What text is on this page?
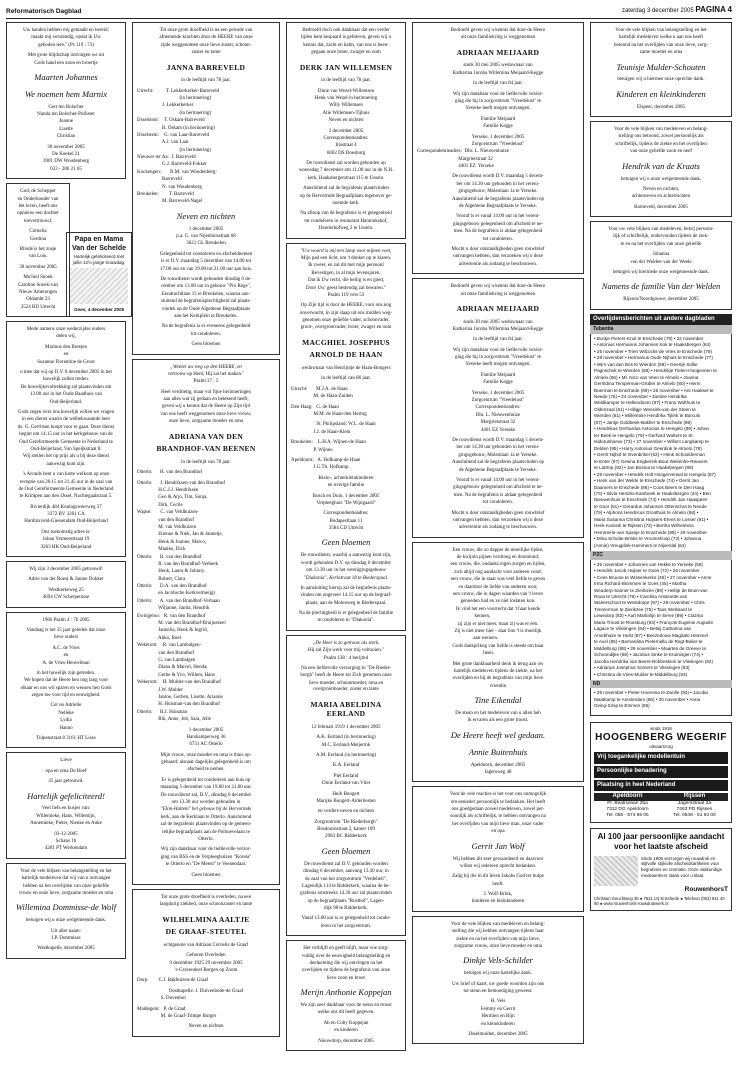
Reformatorisch Dagblad	zaterdag 3 december 2005 PAGINA 4

Uw handen hebben mij gemaakt en bereid;

maakt mij verstandig, opdat ik Uw

geboden lere." (Ps 119 : 73)

Met grote blijdschap ontvingen we uit

Gods hand een zoon en broertje

Maarten Johannes

We noemen hem Marnix

Gert ten Bolscher

Nanda ten Bolscher-Pollister

Joanne

Lisette

Christian

30 november 2005

De Koekel 21

3901 DW Woudenberg

033 - 286 21 65

God, de Schepper

en Onderhouder van

het leven, heeft ons

opnieuw een dochter

toevertrouwd.

Cornelia

Gerdina

Rhodé is het zusje

van Lois.

30 november 2005

Michiel Snoek

Caroline Snoek-van

Nieuw Amerongen

Oldambt 23

3524 BD Utrecht

Mede namens onze wederzijdse ouders

delen wij,

Marinus den Breejen

en

Suzanne Florentine de Groot

u mee dat wij op D.V. 8 december 2005 in het

huwelijk zullen treden.

De huwelijksvoltrekking zal plaatsvinden om

13.00 uur in het Oude Raadhuis van

Oud-Beijerland.

Gods zegen over ons huwelijk willen we vragen

in een dienst waarin de welbekwaamde heer

ds. G. Gerritsen hoopt voor te gaan. Deze dienst

begint om 14.15 uur in het kerkgebouw van de

Oud Gereformeerde Gemeente in Nederland te

Oud-Beijerland, Van Speijkstraat 8.

Wij stellen het op prijs als u bij deze dienst

aanwezig kunt zijn.

's Avonds bent u van harte welkom op onze

receptie van 20.15 tot 21.45 uur in de zaal van

de Oud Gereformeerde Gemeente in Nederland

te Krimpen aan den IJssel, Nachtegaalstraat 5.

Rivierdijk 484 Koningsweerweg 37

3372 BV 3261 CA

Hardinxveld-Giessendam Oud-Beijerland

Ons toekomstig adres is:

Johan Vermeerstraat 19

3263 HK Oud-Beijerland

Wij zijn 3 december 2005 getrouwd!

Adrie van der Roest & Janine Dokker

Westkerkeweg 25

4694 CW Scherpenisse

1966 Psalm 4 : 7b 2005

Vandaag is het 35 jaar geleden dat onze

lieve ouders

A.C. de Vries

en

A. de Vries-Heuvelman

in het huwelijk zijn getreden.

We hopen dat de Heere hen nog lang voor

elkaar en ons wil sparen en wensen hen Gods

zegen toe voor tijd en eeuwigheid.

Cor en Adrielle

Nelleke

Lydia

Hanno

Tulpenstraat 8 3161 HT Lisse

Lieve

opa en oma De Boef

35 jaar getrouwd.

Hartelijk gefeliciteerd!

Veel liefs en kusjes van:

Willemieke, Hans, Willemijn,

Annemieke, Pieter, Nienke en Auke

03-12-2005

Schans 1b

4281 PT Werkendam

Voor de vele blijken van belangstelling en het

hartelijk medeleven dat wij van u ontvangen

hebben na het overlijden van onze geliefde

vrouw en onze lieve, zorgzame moeder en oma

Willemina Dommisse-de Wolf

betuigen wij u onze welgemeende dank.

Uit aller naam:

J.P. Dommisse

Westkapelle, december 2005

Tot onze grote droefheid is na een periode van

afnemende krachten door de HEERE van onze

zijde weggenomen onze lieve zuster, schoon-

zuster en tante

JANNA BARREVELD

in de leeftijd van 78 jaar.

Utrecht:          T. Lekkerkerker-Barreveld

(in herinnering)

J. Lekkerkerker

(in herinnering)

IJsselstein:    T. Oskam-Barreveld

B. Oskam (in herinnering)

IJsselstein:    G. van Laar-Barreveld

A.J. van Laar

(in herinnering)

Nieuwer ter Aa:  J. Barreveld

G.J. Barreveld-Fokker

Kockengen:       N.M. van Woudenberg-

Barreveld

N. van Woudenberg

Breukelen:        T. Barreveld

M. Barreveld-Nagel

Neven en nichten

1 december 2005

p.a. G. van Nijenhuisstraat 68

3621 GL Breukelen

Gelegenheid tot condoleren en afscheidnemen

is er D.V. maandag 5 december van 14.00 tot

17.00 uur en van 19.00 tot 21.00 uur aan huis.

De rouwdienst wordt gehouden dinsdag 6 de-

cember om 13.00 uur in gebouw "Pro Rege",

Eendrachtlaan 15 te Breukelen, waarna aan-

sluitend de begrafenisplechtigheid zal plaats-

vinden op de Oude Algemene Begraafplaats

aan het Kerkplein te Breukelen.

Na de begrafenis is er eveneens gelegenheid

tot condoleren.

Geen bloemen

„Wentel uw weg op den HEERE, en

vertrouw op Hem; Hij zal het maken."

Psalm 37 : 5

Heel verdrietig, maar vol fijne herinneringen

aan alles wat zij gedaan en betekend heeft,

geven wij u kennis dat de Heere op Zijn tijd

van ons heeft weggenomen onze lieve vrouw,

onze lieve, zorgzame moeder en oma

ADRIANA VAN DEN

BRANDHOF-VAN BEENEN

in de leeftijd van 78 jaar.

Otterlo:      H. van den Brandhof

Otterlo:      J. Hendriksen-van den Brandhof

H.C.J.J. Hendriksen

Geo & Arjo, Tim, Sonja,

Dirk, Cecile

Wapse:       C. van Veldhuizen-

van den Brandhof

M. van Veldhuizen

Etienne & Niek, Jan & Jannetje,

Henk & Joanne, Marco,

Maaike, Dick

Otterlo:      R. van den Brandhof

R. van den Brandhof-Verbeek

Henk, Laura & Johnny,

Robert, Clara

Otterlo:      D.A. van den Brandhof

en Jacobsche Kerkvermeijgi

Otterlo:      A. van den Brandhof-Verbaan

Wiljanne, Janita, Hendrik

Ewingeloo:   R. van den Brandhof

M. van den Brandhof-Bruijnezeel

Jannelia, Henk & Ingrid,

Abko, Roel

Wekerom:    R. van Lambalgen-

van den Brandhof

G. van Lambalgen

Diana & Marcel, Henda,

Gerbe & Yvo, Willem, Hans

Wekerom:    H. Mulder-van den Brandhof

J.W. Mulder

Janine, Gerben, Lisette, Arianne

H. Huisman-van den Brandhof

Otterlo:      B.J. Huisman

Rik, Anne, Job, Sara, Jelle

1 december 2005

Harskamperweg 36

6731 AC Otterlo

Mijn vrouw, onze moeder en oma is thuis op-

gebaard; alsnaar dagelijks gelegenheid is om

afscheid te nemen.

Er is gelegenheid tot condoleren aan huis op

maandag 5 december van 19.00 tot 21.00 uur.

De rouwdienst zal, D.V., dinsdag 6 december

om 13.30 uur worden gehouden in

"Elim-Hattem" het gebouw bij de Hervormde

kerk, aan de Kerklaan te Otterlo. Aansluitend

zal de begrafenis plaatsvinden op de gemeen-

telijke begraafplaats aan de Polhoevelaan te

Otterlo.

Wij zijn dankbaar voor de liefdevolle verzor-

ging van BSS en de Verpleeghuizen "Koreia"

te Otterlo en "De Meent" te Veenendaal.

Geen bloemen

Tot onze grote droefheid is overleden, na een

langdurig ziekbed, onze schoonzuster en tante

WILHELMINA AALTJE

DE GRAAF-STEUTEL

echtgenote van Adriaan Cornelis de Graaf

Geboren Overleden

9 december 1925 29 november 2005

's-Gravendeel Borgen op Zoom

Dorp:        C.J. Bakhuizen-de Graaf

Oostkapelle: J. Duivenbode-de Graaf

S. Duvenbol

Maldegem:   P. de Graaf

M. de Graaf-Trimpe Burger

Neven en nichten

Bedroefd doch ook dankbaar dat een verder

lijden hem bespaard is gebleven, geven wij u

kennis dat, zacht en kalm, van ons is heen-

gegaan onze broer, zwager en oom

DERK JAN WILLEMSEN

in de leeftijd van 78 jaar.

Dinie van Wezel-Willemsen

Henk van Wezel in herinnering

Willy Willemsen

Alie Willemsen-Tijhuis

Neven en nichten

2 december 2005

Correspondentieadres:

Irisstraat 4

6602 DS Doesburg

De rouwdienst zal worden gehouden op

woensdag 7 december om 11.00 uur in de N.H.

kerk, Haaksbergerstraat 115 te Usselo.

Aansluitend zal de begrafenis plaatsvinden

op de Hervormde Begraafplaats tegenover ge-

noemde kerk.

Na afloop van de begrafenis is er gelegenheid

tot condoleren in restaurant Hanninkshof,

IJsselerhofweg 2 te Usselo.

"Uw woord is mij een lamp voor mijnen voet,

Mijn pad een licht, om 't donker op te klaren.

Ik zweer, en zal dit met mijn persoonl

Bevestigen, in al mijn levensjaren,

Dat ik Uw recht, die heilig is en goed,

Door Uw' geest bestendig zal bewaren."

Psalm 119 vers 53

Op Zijn tijd is door de HEERE, voor ons nog

onverwacht, in zijn slaap uit ons midden weg-

genomen onze geliefde vader, schoonvader,

groot-, overgrootvader, broer, zwager en oom

MACGHIEL JOSEPHUS

ARNOLD DE HAAN

weduwnaar van Henrijntje de Haan-Bongers

in de leeftijd van 86 jaar.

Utrecht:       M.J.A. de Haan

M. de Haan-Zuiden

Den Haag:   G. de Haan

M.M. de Haan-den Hertog

St. Philipsland: W.L. de Haan

J.J. de Haan-Klein

Breukelen:    L.H.A. Wijnen-de Haan

P. Wijnen

Apeldoorn:   A. Hofkamp-de Haan

J.G.Th. Hofkamp

Klein-, achterkleinkinderen

en overige familie

Bosch en Duin, 1 december 2005

Verpleeghuis "De Wijngaard"

Correspondentieadres:

Budapestlaan 11

3584 CD Utrecht

Geen bloemen

De rouwdienst, waarbij u aanwezig kunt zijn,

wordt gehouden D.V. op dinsdag 6 december

om 13.30 uur in het verenigingsgebouw

"Diakonia", Kerkstraat 18 te Biederspaal.

In aansluiting hierop zal de begrafenis plaats-

vinden om ongeveer 14.15 uur op de begraaf-

plaats, aan de Molenweg te Biederspaal.

Na de plechtigheid is er gelegenheid de familie

te condoleren in "Diakonia".

„De Heer is zo getrouw als sterk,

Hij zal Zijn werk voor mij voltooien."

Psalm 138 : 4 berijmd

Na een liefdevolle verzorging in "De Rieder-

borgh" heeft de Heere tot Zich genomen onze

lieve moeder, schoonmoeder, oma en overgrootmoeder, zuster en tante

MARIA ABELDINA EERLAND

12 februari 1919 1 december 2005

A.K. Eerland (in herinnering)

M.C. Eerland-Meijerink

A.M. Eerland (in herinnering)

K.A. Eerland

Piet Eerland

Dinie Eerland-van Vliet

Huib Boogert

Marijke Boogert-Alderliesten

en verdere neven en nichten

Zorgcentrum "De Riederborgh"

Bosdoornstraat 2, kamer 109

2983 BC Ridderkerk

Geen bloemen

De rouwdienst zal D.V. gehouden worden

dinsdag 6 december, aanvang 13.30 uur, in

de zaal van het zorgcentrum "Verdeheil",

Lagendijk 114 te Ridderkerk, waarna de be-

grafenis omstreeks 14.30 uur zal plaatsvinden

op de begraafplaats "Rusthof", Lagen-

dijk 98 te Ridderkerk.

Vanaf 13.00 uur is er gelegenheid tot condo-

leren in het zorgcentrum.

Het verblijft en geeft blijft, maar wie zorg-

vuldig over de eeuwigheid belangstelling en

deelneming die wij ontvingen na het

overlijden en tijdens de begrafenis van onze

lieve zoon en broer

Merijn Anthonie Koppejan

We zijn zeer dankbaar voor de steun en troost

welke ons dit heeft gegeven.

Ab en Coby Koppejan

en kinderen

Nieuwdorp, december 2005

Bedroefd geven wij u kennis dat door de Heere

uit onze familiekring is weggenomen

ADRIAAN MEIJAARD

sinds 30 mei 2005 weduwnaar van

Katharina Jacoba Willemina Meijaard-Kegge

in de leeftijd van 84 jaar.

Wij zijn dankbaar voor de liefdevolle verzor-

ging die hij in zorgcentrum "Vreedelust" te

Yerseke heeft mogen ontvangen.

Familie Meijaard

Familie Kegge

Yerseke, 1 december 2005

Zorgcentrum "Vreedelust"

Correspondentieadres:  Dhr. L. Nieuwenhuize

Margrietstraat 32

4401 EZ  Yerseke

De rouwdienst wordt D.V. maandag 5 decem-

ber om 14.30 uur gehouden in het vereni-

gingsgebouw, Molenlaan 1a te Yerseke.

Aansluitend zal de begrafenis plaatsvinden op

de Algemene Begraafplaats te Yerseke.

Vooraf is er vanaf 14.00 uur in het vereni-

gingsgebouw gelegenheid om afscheid te ne-

men. Na de begrafenis is aldaar gelegenheid

tot condoleren.

Mocht u door omstandigheden geen rouwbrief

ontvangen hebben, dan verzoeken wij u deze

advertentie als zodanig te beschouwen.

Bedroefd geven wij u kennis dat door de Heere

uit onze familiekring is weggenomen

ADRIAAN MEIJAARD

sinds 30 mei 2005 weduwnaar van

Katharina Jacoba Willemina Meijaard-Kegge

in de leeftijd van 84 jaar.

Wij zijn dankbaar voor de liefdevolle verzor-

ging die hij in zorgcentrum "Vreedelust" te

Yerseke heeft mogen ontvangen.

Familie Meijaard

Familie Kegge

Yerseke, 1 december 2005

Zorgcentrum "Vreedelust"

Correspondentieadres:

Dhr. L. Nieuwenhuize

Margrietstraat 32

4401 EZ Yerseke

De rouwdienst wordt D.V. maandag 5 decem-

ber om 14.30 uur gehouden in het vereni-

gingsgebouw, Molenlaan 1a te Yerseke.

Aansluitend zal de begrafenis plaatsvinden op

de Algemene Begraafplaats te Yerseke.

Vooraf is er vanaf 14.00 uur in het vereni-

gingsgebouw gelegenheid om afscheid te ne-

men. Na de begrafenis is aldaar gelegenheid

tot condoleren.

Mocht u door omstandigheden geen rouwbrief

ontvangen hebben, dan verzoeken wij u deze

advertentie als zodanig te beschouwen.

Een vrouw, die zo dapper de moeilijke tijden,

de kwijnin pijnen verdroeg en doorstond;

een vrouw, die, ondanks eigen zorgen en lijden,

zich altijd nog aandacht voor anderen vond;

een vrouw, die in staat was veel liefde te geven

en daardoor de liefde van anderen won;

een vrouw, die in dagen waarden van 't leven

genoeden had en ze niet loslaten kon.

Ik vind het een voorrecht dat 't haar kende

kennen,

zij zijn er niet meer, maar zij was er één.

Zij is niet meer hier - daar hun 't is moeilijk

aan wennen.

Gods dankprikng van liefde is steeds om haar

heen.

Met grote dankbaarheid denk ik terug aan uw

hartelijk medeleven tijdens de ziekte, na het

overlijden en bij de begrafenis van mijn lieve

vriendin

Tine Eikendal

De steun en het medeleven van u allen heb

ik ervaren als een grote troost.

De Heere heeft wel gedaan.

Annie Buitenhuis

Apeldoorn, december 2005

Jagersweg 48

Voor de vele reacties is het voor ons onmogelijk

om eenieder persoonlijk te bedanken. Het heeft

ons goedgedaan zoveel medeleven, zowel per-

soonlijk als schriftelijk, te hebben ontvangen na

het overlijden van mijn lieve man, onze vader

en opa

Gerrit Jan Wolf

Wij hebben dit zeer gewaardeerd en daarvoor

willen wij iedereen oprecht bedanken.

Zalig hij die in dit leven Jakobs God ter hulpe

heeft.

J. Wolf-Brink,

kinderen en kleinkinderen

Voor de vele blijken van medeleven en belang-

stelling die wij hebben ontvangen tijdens haar

ziekte en na het overlijden van mijn lieve,

zorgzame vrouw, onze lieve moeder en oma

Dinkje Vels-Schilder

betuigen wij onze hartelijke dank.

Uw brief of kaart, uw goede woorden zijn ons

tot steun en bemoediging geweest.

H. Vels

Femmy en Gerrit

Hermien en Bijn

en kleinkinderen

IJsselmuiden, december 2005

Voor de vele blijken van belangstelling en het

hartelijk medeleven welke u aan ons heeft

betoond na het overlijden van onze lieve, zorg-

zame moeder en oma

Teunisje Mulder-Schouten

betuigen wij u hiermee onze oprechte dank.

Kinderen en kleinkinderen

Elspeet, december 2005

Voor de vele blijken van medeleven en belang-

stelling ons betoond, zowel persoonlijk als

schriftelijk, tijdens de ziekte en het overlijden

van onze geliefde zoon en neef

Hendrik van de Kraats

betuigen wij u onze welgemeende dank.

Neven en nichten,

achterneven en achternichten

Barneveld, december 2005

Voor uw vele blijken van medeleven, hetzij persoon-

lijk of schriftelijk, ondervonden tijdens de ziek-

te en na het overlijden van onze geliefde

Johanna

van der Welden-van der Weele

betuigen wij hiermede onze welgemeende dank.

Namens de familie Van der Welden

Rijssen/Noordgouwe, december 2005

Overlijdensberichten uit andere dagbladen
Tubantia

• Buntje Pieters-Knol te Enschede (79) • 22 november

• Antonius Hermanus Johannes Kok te Haaksbergen (64)

• 25 november • Trien Wilcocks-de Vries te Enschede (79)

• 28 november • Hermanus Oude Nijhuis te Enschede (77)

• Wim van den Bos te Wierden (58) • Geertje Sollie

Pagnschok te Wierden (88) • Hendrikje Tielen-Hoogeveen te

Almelo (66) • Mr. Nico van Veen te Almelo • Joanna

Gerritdina Temperman-Grüber te Almelo (80) • Herm

Boerman te Enschede (89) • 25 november • Ant Haaksel te

Neede (75) • 24 november • Jantine Hendrika

Weldkamper te Hellendoorn (87) • Frans Wolthuis te

Oldenzaal (61) • Hilligje Wensink-van der Steen te

Wierden (81) • Willemtine Hendrika Tijlink te Borculo

(87) • Jantje Goldbeek-Bakker te Enschede (89)

• Hendrikus Gerhardus Antonius te Hengelo (96) • Johan

ter Beek te Hengelo (79) • Gerhard Wolters te St.

Isidorushoeve (73) • 27 november • Willem Langkamp te

Delden (85) • Harry Antonius Geerdink te Almelo (76)

• Gerrit Nijhof te Overdinkel (62) • Henk Schoolderman

te Enter (87) Gesina Engberink-Bout Weitenhe-Reuvers

te Lattrop (92) • Jan Bosma te Haaksbergen (88)

• 29 november • Hendrik Holt Hoogerverwal te Hengelo (87)

• Henk van der Welde te Enschede (74) • Gerrit Jan

Daamers te Enschede (86) • Coos Beers te Den Haag

(73) • Silvia Hendrix-Kamboek te Haaksbergen (44) • Ben

Nieuwenhuis te Enschede (74) • Hendrik Jan Haaspeen

te Goor (81) • Gerardus Johannes Ottenschot te Neede

(79) • Alphons Hendricus Groothuis te Almelo (68) •

Maria Susanna Christina Huijsers-Erens te Losser (81) •

Henk Kamink te Rijssen (72) • Bertha Wilhelmina

Hemmerie-van Spanje te Enschede (89) • 29 november

• Mina Schulte-Brinks te Vroomshoop (73) • Johanna

(Annie) Vreugdink-Hammers te Nijverdal (64)

PZC

• 25 november • Johannes van Hekke te Yerseke (58)

• Hendrik Jacob Huijser te Goes (72) • 26 november

• Cees Bruune te Wissenkerke (45) • 27 november • Anne

Irma Richard-Blommen te Goes (45) • Martha

Weuderp-Sanner te Zierikzee (89) • Heiltje de Bruin-van

Rooa te Utrecht (79) • Carolina Antoinette van

Walrerschoot te Westdorpe (97) • 28 november • Chris

Timmerman te Zierikzee (75) • Taos Welssard te

Lewedorp (83) • Aart Martinlijn te Serve (89) • Clazina

Maria Troost te Roosburg (93) • François Eugénie Auguste

Lagace te Vlissingen (84) • Betsij Catharina van

Arnebhaze te Hulst (87) • Beezedouw Magdalo Hammel

te Axel (85) • Bernardina Pieternella de Regt-Bolier te

Middelburg (88) • 29 november • Maarten de Greeve te

Schoondijke (68) • Jacobus Sinke te Kruiningen (74) •

Jacoba Hendrika van Beers-Robbeskein te Vlissingen (82)

• Adrianus Josephus Somers te Vlissingen (83)

• Christina de Vries-Mulder te Middelburg (63)

ND

• 29 november • Pieter Hoorenia te Zwolle (93) • Jacoba

Maatkamp te Amsterdam (86) • 30 november • Anna

Oving-Smip te Emmen (85)

sinds 1916
HOOGENBERG WEGERIF
uitvaartzorg
Vrij toegankelijke modellentuin
Persoonlijke benadering
Plaatsing in heel Nederland
Apeldoorn
Pr. Beatrixlaan 25a
7312 DG Apeldoorn
Tel. 055 - 574 65 05
Rijssen
Jagersstraat 2a
7463 PD Rijssen
Tel. 0548 - 51 84 00
Al 100 jaar persoonlijke aandacht voor het laatste afscheid
Sinds 1905 verzorgen wij rouwdruk en stijlvolle stijlvolle afscheidsartikelen voor begrafenis en crematie. Onze vakkundige medewerkers staan voor u klaar.
RouwenhorsT
Christian Geuchtweg 3b ● 7521 LN Enschede ● Telefoon (053) 541 40 90 ● www.rouwenhorst-rouwdrukwerk.nl
Papa en Mama
Van der Schelde
Hartelijk gefeliciteerd met jullie 12½-jarige trouwdag.
Goes, 4 december 2005
